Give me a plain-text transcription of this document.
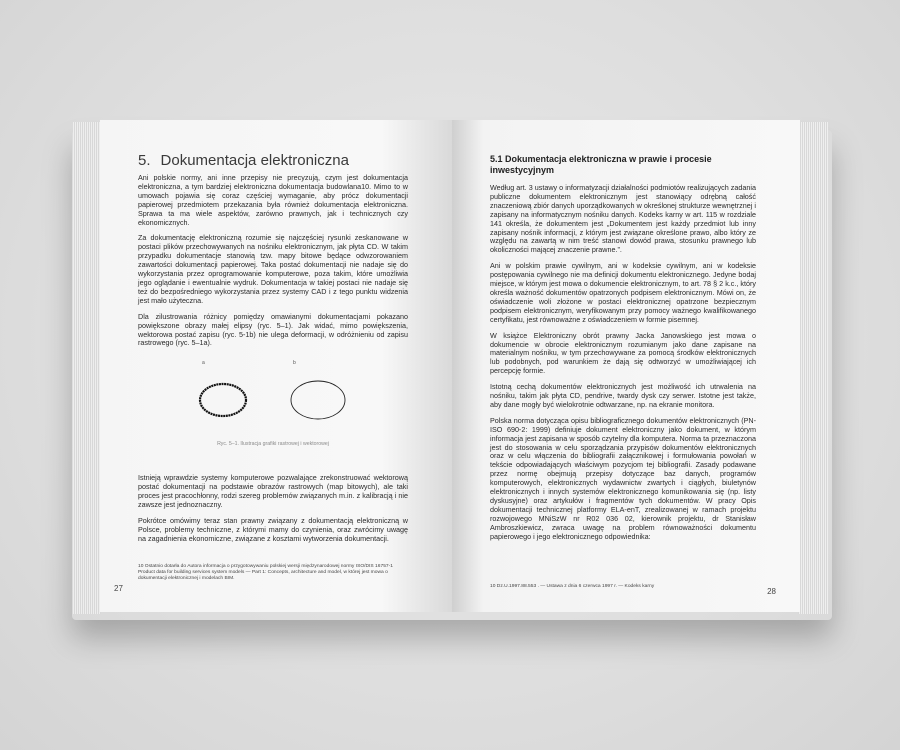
5. Dokumentacja elektroniczna

Ani polskie normy, ani inne przepisy nie precyzują, czym jest dokumentacja elektroniczna, a tym bardziej elektroniczna dokumentacja budowlana10. Mimo to w umowach pojawia się coraz częściej wymaganie, aby prócz dokumentacji papierowej przedmiotem przekazania była również dokumentacja elektroniczna. Sprawa ta ma wiele aspektów, zarówno prawnych, jak i technicznych czy ekonomicznych.

Za dokumentację elektroniczną rozumie się najczęściej rysunki zeskanowane w postaci plików przechowywanych na nośniku elektronicznym, jak płyta CD. W takim przypadku dokumentacje stanowią tzw. mapy bitowe będące odwzorowaniem zawartości dokumentacji papierowej. Taka postać dokumentacji nie nadaje się do wykorzystania przez oprogramowanie komputerowe, poza takim, które umożliwia jego oglądanie i ewentualnie wydruk. Dokumentacja w takiej postaci nie nadaje się też do bezpośredniego wykorzystania przez systemy CAD i z tego punktu widzenia jest mało użyteczna.

Dla zilustrowania różnicy pomiędzy omawianymi dokumentacjami pokazano powiększone obrazy małej elipsy (ryc. 5–1). Jak widać, mimo powiększenia, wektorowa postać zapisu (ryc. 5-1b) nie ulega deformacji, w odróżnieniu od zapisu rastrowego (ryc. 5–1a).

a	b
Ryc. 5–1. Ilustracja grafiki rastrowej i wektorowej

Istnieją wprawdzie systemy komputerowe pozwalające zrekonstruować wektorową postać dokumentacji na podstawie obrazów rastrowych (map bitowych), ale taki proces jest pracochłonny, rodzi szereg problemów związanych m.in. z kalibracją i nie zawsze jest jednoznaczny.

Pokrótce omówimy teraz stan prawny związany z dokumentacją elektroniczną w Polsce, problemy techniczne, z którymi mamy do czynienia, oraz zwrócimy uwagę na zagadnienia ekonomiczne, związane z kosztami wytworzenia dokumentacji.

10 Ostatnio dotarła do Autora informacja o przygotowywaniu polskiej wersji międzynarodowej normy ISO/DIS 16757-1 Product data for building services system models — Part 1: Concepts, architecture and model, w której jest mowa o dokumentacji elektronicznej i modelach BIM.
27
5.1 Dokumentacja elektroniczna w prawie i procesie inwestycyjnym

Według art. 3 ustawy o informatyzacji działalności podmiotów realizujących zadania publiczne dokumentem elektronicznym jest stanowiący odrębną całość znaczeniową zbiór danych uporządkowanych w określonej strukturze wewnętrznej i zapisany na informatycznym nośniku danych. Kodeks karny w art. 115 w rozdziale 141 określa, że dokumentem jest „Dokumentem jest każdy przedmiot lub inny zapisany nośnik informacji, z którym jest związane określone prawo, albo który ze względu na zawartą w nim treść stanowi dowód prawa, stosunku prawnego lub okoliczności mającej znaczenie prawne.”.

Ani w polskim prawie cywilnym, ani w kodeksie cywilnym, ani w kodeksie postępowania cywilnego nie ma definicji dokumentu elektronicznego. Jedyne bodaj miejsce, w którym jest mowa o dokumencie elektronicznym, to art. 78 § 2 k.c., który określa ważność dokumentów opatrzonych podpisem elektronicznym. Mówi on, że oświadczenie woli złożone w postaci elektronicznej opatrzone bezpiecznym podpisem elektronicznym, weryfikowanym przy pomocy ważnego kwalifikowanego certyfikatu, jest równoważne z oświadczeniem w formie pisemnej.

W książce Elektroniczny obrót prawny Jacka Janowskiego jest mowa o dokumencie w obrocie elektronicznym rozumianym jako dane zapisane na materialnym nośniku, w tym przechowywane za pomocą środków elektronicznych lub podobnych, pod warunkiem że dają się odtworzyć w umożliwiającej ich percepcję formie.

Istotną cechą dokumentów elektronicznych jest możliwość ich utrwalenia na nośniku, takim jak płyta CD, pendrive, twardy dysk czy serwer. Istotne jest także, aby dane mogły być wielokrotnie odtwarzane, np. na ekranie monitora.

Polska norma dotycząca opisu bibliograficznego dokumentów elektronicznych (PN-ISO 690-2: 1999) definiuje dokument elektroniczny jako dokument, w którym informacja jest zapisana w sposób czytelny dla komputera. Norma ta przeznaczona jest do stosowania w celu sporządzania przypisów dokumentów elektronicznych oraz w celu włączenia do bibliografii załącznikowej i formułowania powołań w tekście odpowiadających właściwym pozycjom tej bibliografii. Zasady podawane przez normę obejmują przepisy dotyczące baz danych, programów komputerowych, elektronicznych wydawnictw zwartych i ciągłych, biuletynów elektronicznych i innych systemów elektronicznego komunikowania się (np. listy dyskusyjne) oraz artykułów i fragmentów tych dokumentów. W pracy Opis dokumentacji technicznej platformy ELA-enT, zrealizowanej w ramach projektu rozwojowego MNiSzW nr R02 036 02, kierownik projektu, dr Stanisław Ambroszkiewicz, zwraca uwagę na problem równoważności dokumentu papierowego i jego elektronicznego odpowiednika:

10 Dz.U.1997.88.553 . — Ustawa z dnia 6 czerwca 1997 r. — Kodeks karny
28
